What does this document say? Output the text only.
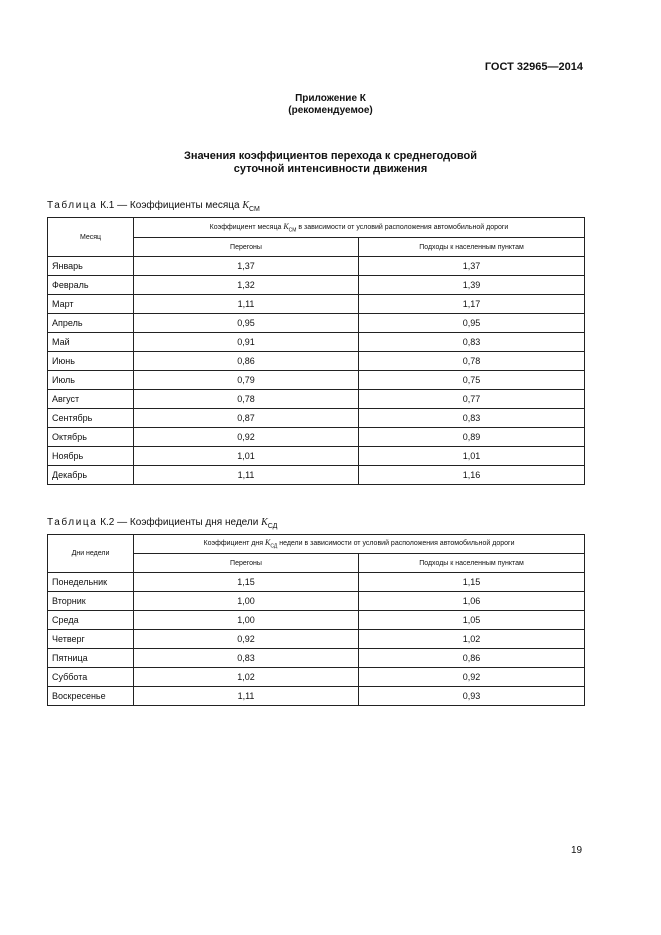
ГОСТ 32965—2014
Приложение К
(рекомендуемое)
Значения коэффициентов перехода к среднегодовой
суточной интенсивности движения
Таблица К.1 — Коэффициенты месяца $K_{СМ}$
Месяц	Коэффициент месяца $K_{СМ}$ в зависимости от условий расположения автомобильной дороги	
	Перегоны	Подходы к населенным пунктам
Январь	1,37	1,37
Февраль	1,32	1,39
Март	1,11	1,17
Апрель	0,95	0,95
Май	0,91	0,83
Июнь	0,86	0,78
Июль	0,79	0,75
Август	0,78	0,77
Сентябрь	0,87	0,83
Октябрь	0,92	0,89
Ноябрь	1,01	1,01
Декабрь	1,11	1,16
Таблица К.2 — Коэффициенты дня недели $K_{СД}$
Дни недели	Коэффициент дня $K_{СД}$ недели в зависимости от условий расположения автомобильной дороги	
	Перегоны	Подходы к населенным пунктам
Понедельник	1,15	1,15
Вторник	1,00	1,06
Среда	1,00	1,05
Четверг	0,92	1,02
Пятница	0,83	0,86
Суббота	1,02	0,92
Воскресенье	1,11	0,93
19
